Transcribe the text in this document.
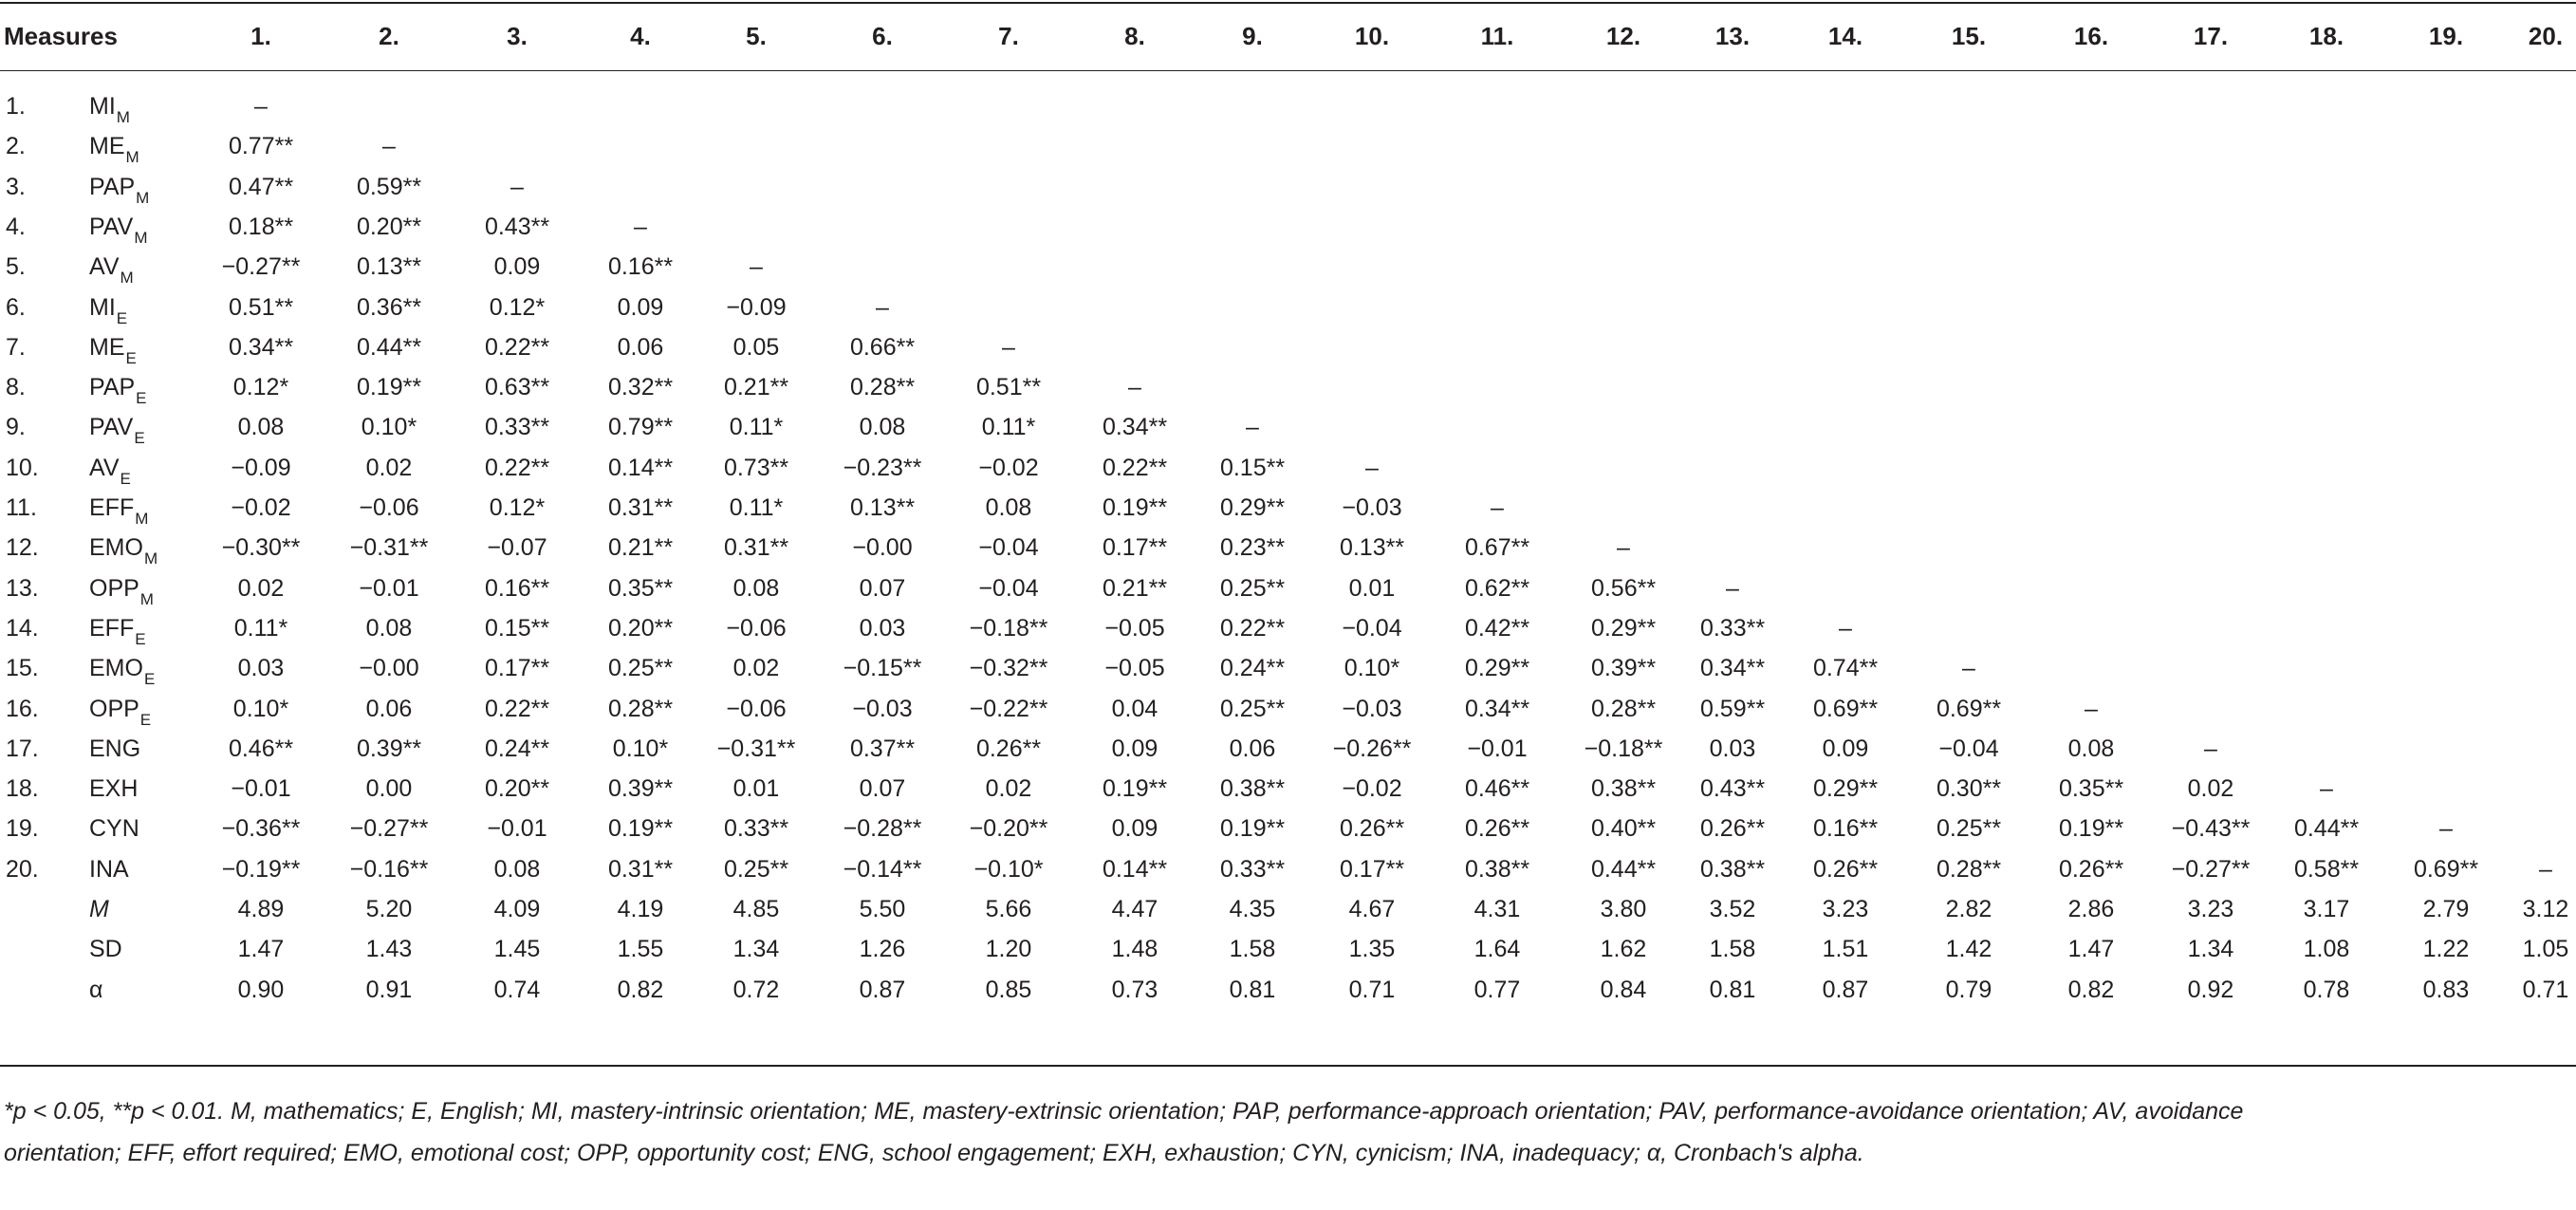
Measures	1.	2.	3.	4.	5.	6.	7.	8.	9.	10.	11.	12.	13.	14.	15.	16.	17.	18.	19.	20.
1.	$MI_M$	–
2.	$ME_M$	0.77**	–
3.	$PAP_M$	0.47**	0.59**	–
4.	$PAV_M$	0.18**	0.20**	0.43**	–
5.	$AV_M$	−0.27**	0.13**	0.09	0.16**	–
6.	$MI_E$	0.51**	0.36**	0.12*	0.09	−0.09	–
7.	$ME_E$	0.34**	0.44**	0.22**	0.06	0.05	0.66**	–
8.	$PAP_E$	0.12*	0.19**	0.63**	0.32**	0.21**	0.28**	0.51**	–
9.	$PAV_E$	0.08	0.10*	0.33**	0.79**	0.11*	0.08	0.11*	0.34**	–
10. $AV_E$	−0.09	0.02	0.22**	0.14**	0.73**	−0.23**	−0.02	0.22**	0.15**	–
11. $EFF_M$	−0.02	−0.06	0.12*	0.31**	0.11*	0.13**	0.08	0.19**	0.29**	−0.03	–
12. $EMO_M$	−0.30**	−0.31**	−0.07	0.21**	0.31**	−0.00	−0.04	0.17**	0.23**	0.13**	0.67**	–
13. $OPP_M$	0.02	−0.01	0.16**	0.35**	0.08	0.07	−0.04	0.21**	0.25**	0.01	0.62**	0.56**	–
14. $EFF_E$	0.11*	0.08	0.15**	0.20**	−0.06	0.03	−0.18**	−0.05	0.22**	−0.04	0.42**	0.29**	0.33**	–
15. $EMO_E$	0.03	−0.00	0.17**	0.25**	0.02	−0.15**	−0.32**	−0.05	0.24**	0.10*	0.29**	0.39**	0.34**	0.74**	–
16. $OPP_E$	0.10*	0.06	0.22**	0.28**	−0.06	−0.03	−0.22**	0.04	0.25**	−0.03	0.34**	0.28**	0.59**	0.69**	0.69**	–
17. ENG	0.46**	0.39**	0.24**	0.10*	−0.31**	0.37**	0.26**	0.09	0.06	−0.26**	−0.01	−0.18**	0.03	0.09	−0.04	0.08	–
18. EXH	−0.01	0.00	0.20**	0.39**	0.01	0.07	0.02	0.19**	0.38**	−0.02	0.46**	0.38**	0.43**	0.29**	0.30**	0.35**	0.02	–
19. CYN	−0.36**	−0.27**	−0.01	0.19**	0.33**	−0.28**	−0.20**	0.09	0.19**	0.26**	0.26**	0.40**	0.26**	0.16**	0.25**	0.19**	−0.43**	0.44**	–
20. INA	−0.19**	−0.16**	0.08	0.31**	0.25**	−0.14**	−0.10*	0.14**	0.33**	0.17**	0.38**	0.44**	0.38**	0.26**	0.28**	0.26**	−0.27**	0.58**	0.69**	–
M	4.89	5.20	4.09	4.19	4.85	5.50	5.66	4.47	4.35	4.67	4.31	3.80	3.52	3.23	2.82	2.86	3.23	3.17	2.79	3.12
SD	1.47	1.43	1.45	1.55	1.34	1.26	1.20	1.48	1.58	1.35	1.64	1.62	1.58	1.51	1.42	1.47	1.34	1.08	1.22	1.05
α	0.90	0.91	0.74	0.82	0.72	0.87	0.85	0.73	0.81	0.71	0.77	0.84	0.81	0.87	0.79	0.82	0.92	0.78	0.83	0.71
*p < 0.05, **p < 0.01. M, mathematics; E, English; MI, mastery-intrinsic orientation; ME, mastery-extrinsic orientation; PAP, performance-approach orientation; PAV, performance-avoidance orientation; AV, avoidance
orientation; EFF, effort required; EMO, emotional cost; OPP, opportunity cost; ENG, school engagement; EXH, exhaustion; CYN, cynicism; INA, inadequacy; α, Cronbach's alpha.
